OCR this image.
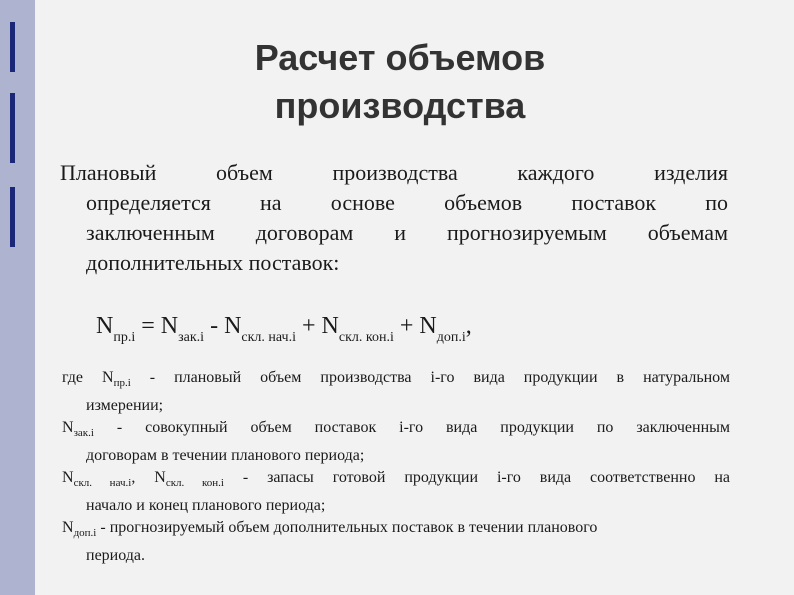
Расчет объемов
производства
Плановый объем производства каждого изделия
определяется на основе объемов поставок по
заключенным договорам и прогнозируемым объемам
дополнительных поставок:
$N_{пр.i} = N_{зак.i} - N_{скл. нач.i} + N_{скл. кон.i} + N_{доп.i}$,
где $N_{пр.i}$ - плановый объем производства i-го вида продукции в натуральном
измерении;
$N_{зак.i}$ - совокупный объем поставок i-го вида продукции по заключенным
договорам в течении планового периода;
$N_{скл. нач.i}$, $N_{скл. кон.i}$ - запасы готовой продукции i-го вида соответственно на
начало и конец планового периода;
$N_{доп.i}$ - прогнозируемый объем дополнительных поставок в течении планового
периода.
